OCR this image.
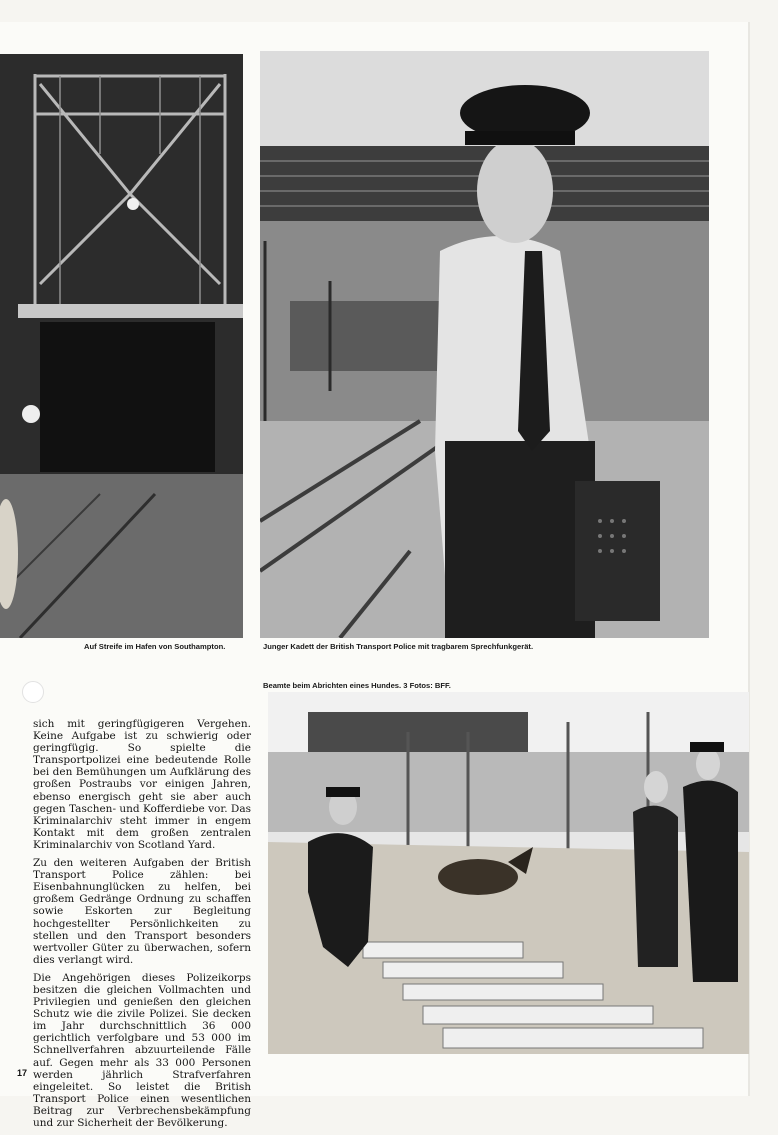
Auf Streife im Hafen von Southampton.	Junger Kadett der British Transport Police mit tragbarem Sprechfunkgerät.
Beamte beim Abrichten eines Hundes. 3 Fotos: BFF.

sich mit geringfügigeren Vergehen. Keine Aufgabe ist zu schwierig oder geringfügig. So spielte die Transportpolizei eine bedeutende Rolle bei den Bemühungen um Aufklärung des großen Postraubs vor einigen Jahren, ebenso energisch geht sie aber auch gegen Taschen- und Kofferdiebe vor. Das Kriminalarchiv steht immer in engem Kontakt mit dem großen zentralen Kriminalarchiv von Scotland Yard.

Zu den weiteren Aufgaben der British Transport Police zählen: bei Eisenbahnunglücken zu helfen, bei großem Gedränge Ordnung zu schaffen sowie Eskorten zur Begleitung hochgestellter Persönlichkeiten zu stellen und den Transport besonders wertvoller Güter zu überwachen, sofern dies verlangt wird.

Die Angehörigen dieses Polizeikorps besitzen die gleichen Vollmachten und Privilegien und genießen den gleichen Schutz wie die zivile Polizei. Sie decken im Jahr durchschnittlich 36 000 gerichtlich verfolgbare und 53 000 im Schnellverfahren abzuurteilende Fälle auf. Gegen mehr als 33 000 Personen werden jährlich Strafverfahren eingeleitet. So leistet die British Transport Police einen wesentlichen Beitrag zur Verbrechensbekämpfung und zur Sicherheit der Bevölkerung.

17
